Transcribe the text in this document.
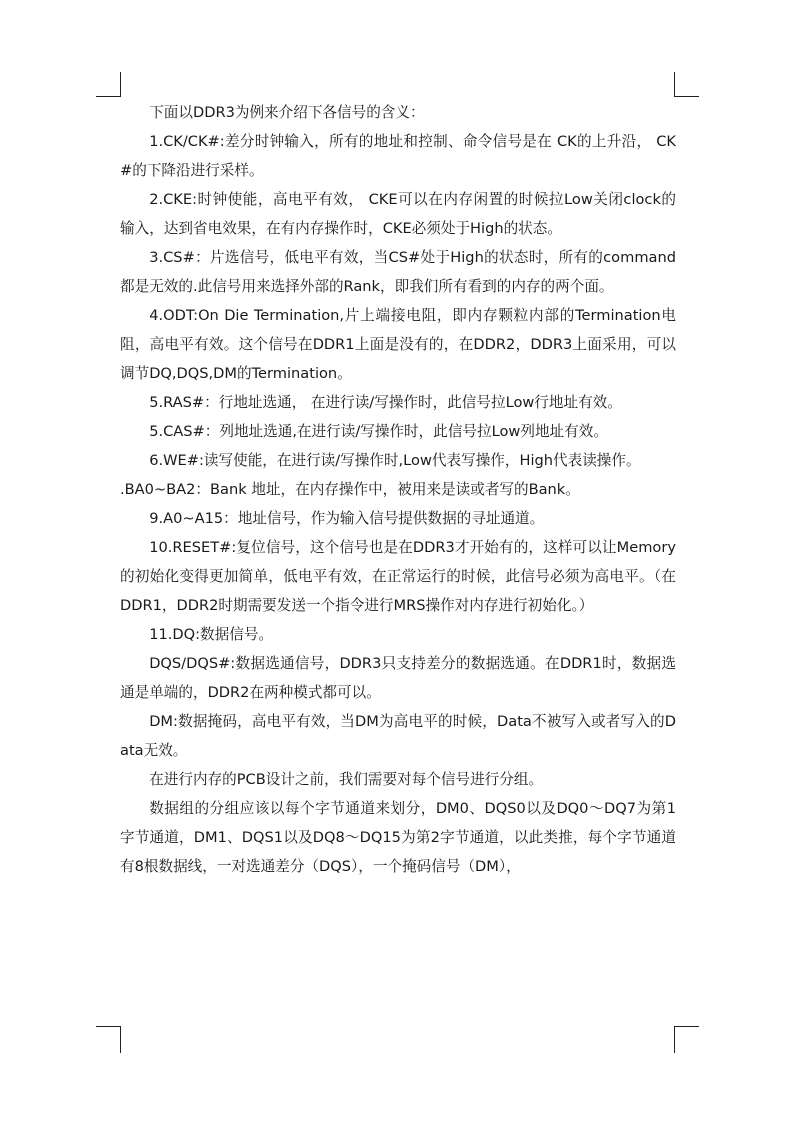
下面以DDR3为例来介绍下各信号的含义：

1.CK/CK#:差分时钟输入，所有的地址和控制、命令信号是在 CK的上升沿， CK#的下降沿进行采样。

2.CKE:时钟使能，高电平有效， CKE可以在内存闲置的时候拉Low关闭clock的输入，达到省电效果，在有内存操作时，CKE必须处于High的状态。

3.CS#：片选信号，低电平有效，当CS#处于High的状态时，所有的command都是无效的.此信号用来选择外部的Rank，即我们所有看到的内存的两个面。

4.ODT:On Die Termination,片上端接电阻，即内存颗粒内部的Termination电阻，高电平有效。这个信号在DDR1上面是没有的，在DDR2，DDR3上面采用，可以调节DQ,DQS,DM的Termination。

5.RAS#：行地址选通， 在进行读/写操作时，此信号拉Low行地址有效。

5.CAS#：列地址选通,在进行读/写操作时，此信号拉Low列地址有效。

6.WE#:读写使能，在进行读/写操作时,Low代表写操作，High代表读操作。

.BA0~BA2：Bank 地址，在内存操作中，被用来是读或者写的Bank。

9.A0~A15：地址信号，作为输入信号提供数据的寻址通道。

10.RESET#:复位信号，这个信号也是在DDR3才开始有的，这样可以让Memory的初始化变得更加简单，低电平有效，在正常运行的时候，此信号必须为高电平。（在DDR1，DDR2时期需要发送一个指令进行MRS操作对内存进行初始化。）

11.DQ:数据信号。

DQS/DQS#:数据选通信号，DDR3只支持差分的数据选通。在DDR1时，数据选通是单端的，DDR2在两种模式都可以。

DM:数据掩码，高电平有效，当DM为高电平的时候，Data不被写入或者写入的Data无效。

在进行内存的PCB设计之前，我们需要对每个信号进行分组。

数据组的分组应该以每个字节通道来划分，DM0、DQS0以及DQ0～DQ7为第1字节通道，DM1、DQS1以及DQ8～DQ15为第2字节通道，以此类推，每个字节通道有8根数据线，一对选通差分（DQS），一个掩码信号（DM），
